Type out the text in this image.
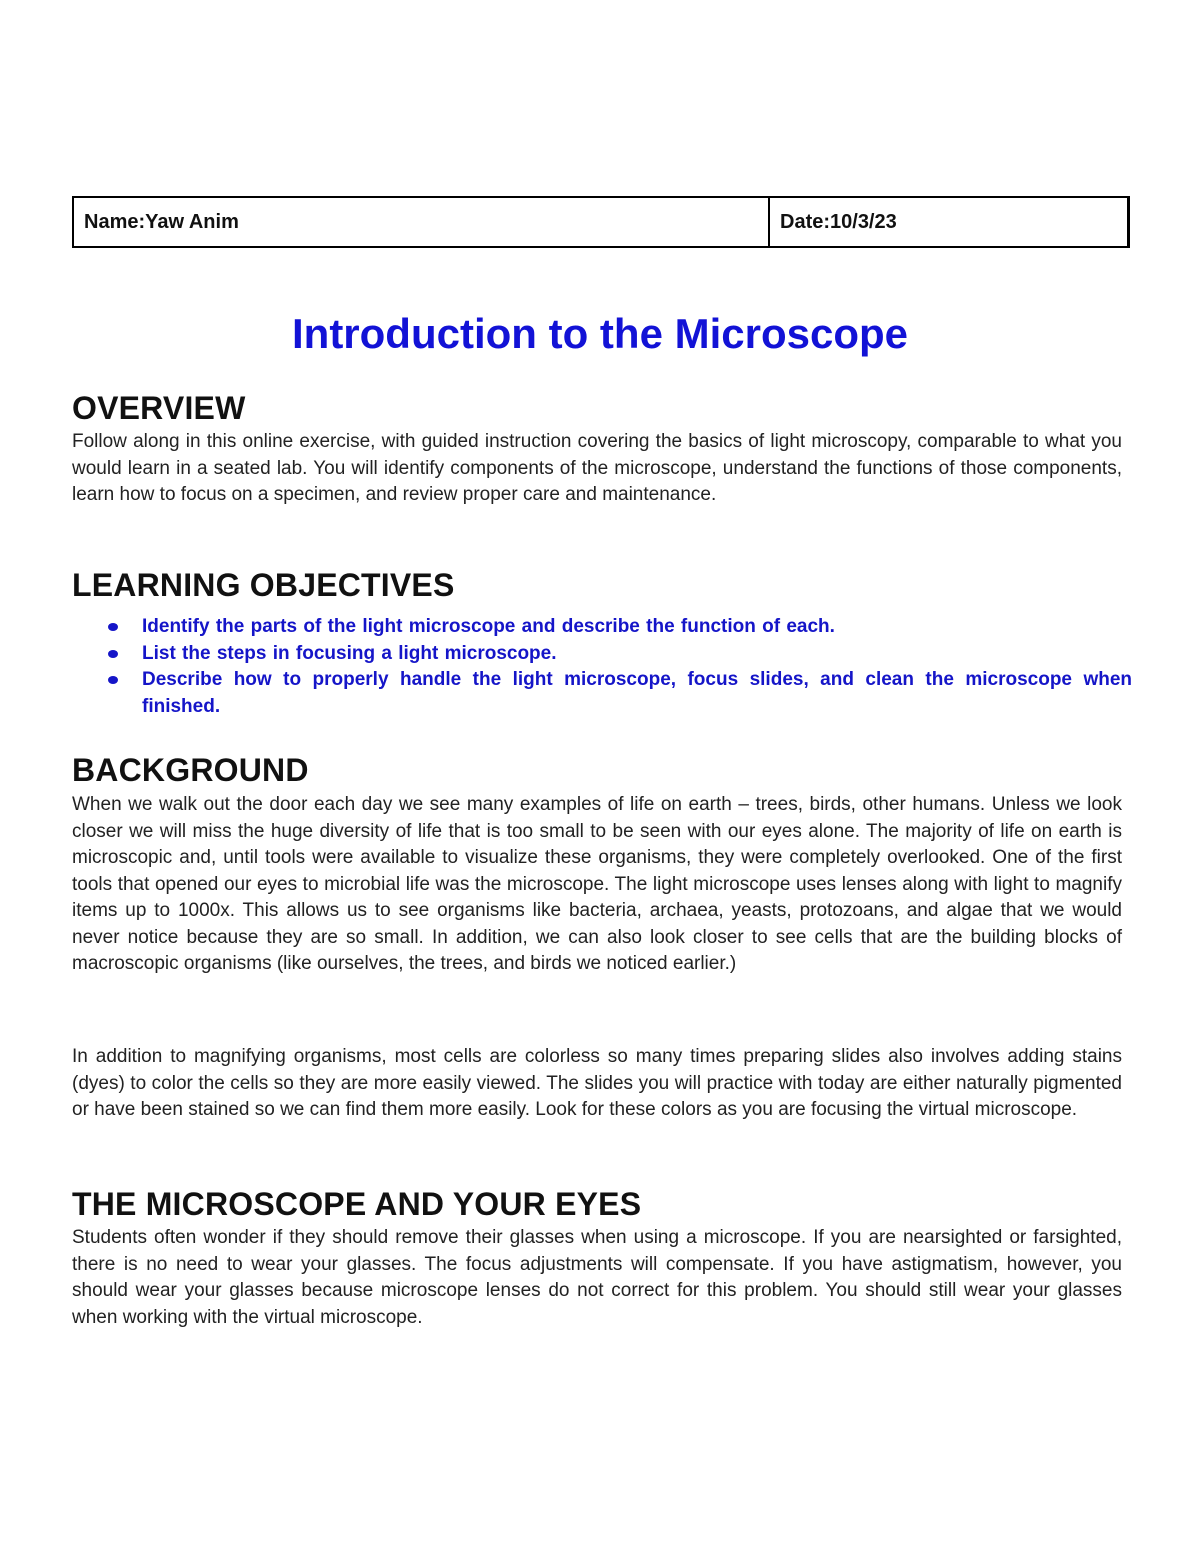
Name:Yaw Anim	Date:10/3/23
Introduction to the Microscope
OVERVIEW

Follow along in this online exercise, with guided instruction covering the basics of light microscopy, comparable to what you would learn in a seated lab. You will identify components of the microscope, understand the functions of those components, learn how to focus on a specimen, and review proper care and maintenance.

LEARNING OBJECTIVES
Identify the parts of the light microscope and describe the function of each.
List the steps in focusing a light microscope.
Describe how to properly handle the light microscope, focus slides, and clean the microscope when finished.
BACKGROUND

When we walk out the door each day we see many examples of life on earth – trees, birds, other humans. Unless we look closer we will miss the huge diversity of life that is too small to be seen with our eyes alone. The majority of life on earth is microscopic and, until tools were available to visualize these organisms, they were completely overlooked. One of the first tools that opened our eyes to microbial life was the microscope. The light microscope uses lenses along with light to magnify items up to 1000x. This allows us to see organisms like bacteria, archaea, yeasts, protozoans, and algae that we would never notice because they are so small. In addition, we can also look closer to see cells that are the building blocks of macroscopic organisms (like ourselves, the trees, and birds we noticed earlier.)

In addition to magnifying organisms, most cells are colorless so many times preparing slides also involves adding stains (dyes) to color the cells so they are more easily viewed. The slides you will practice with today are either naturally pigmented or have been stained so we can find them more easily. Look for these colors as you are focusing the virtual microscope.

THE MICROSCOPE AND YOUR EYES

Students often wonder if they should remove their glasses when using a microscope. If you are nearsighted or farsighted, there is no need to wear your glasses. The focus adjustments will compensate. If you have astigmatism, however, you should wear your glasses because microscope lenses do not correct for this problem. You should still wear your glasses when working with the virtual microscope.
